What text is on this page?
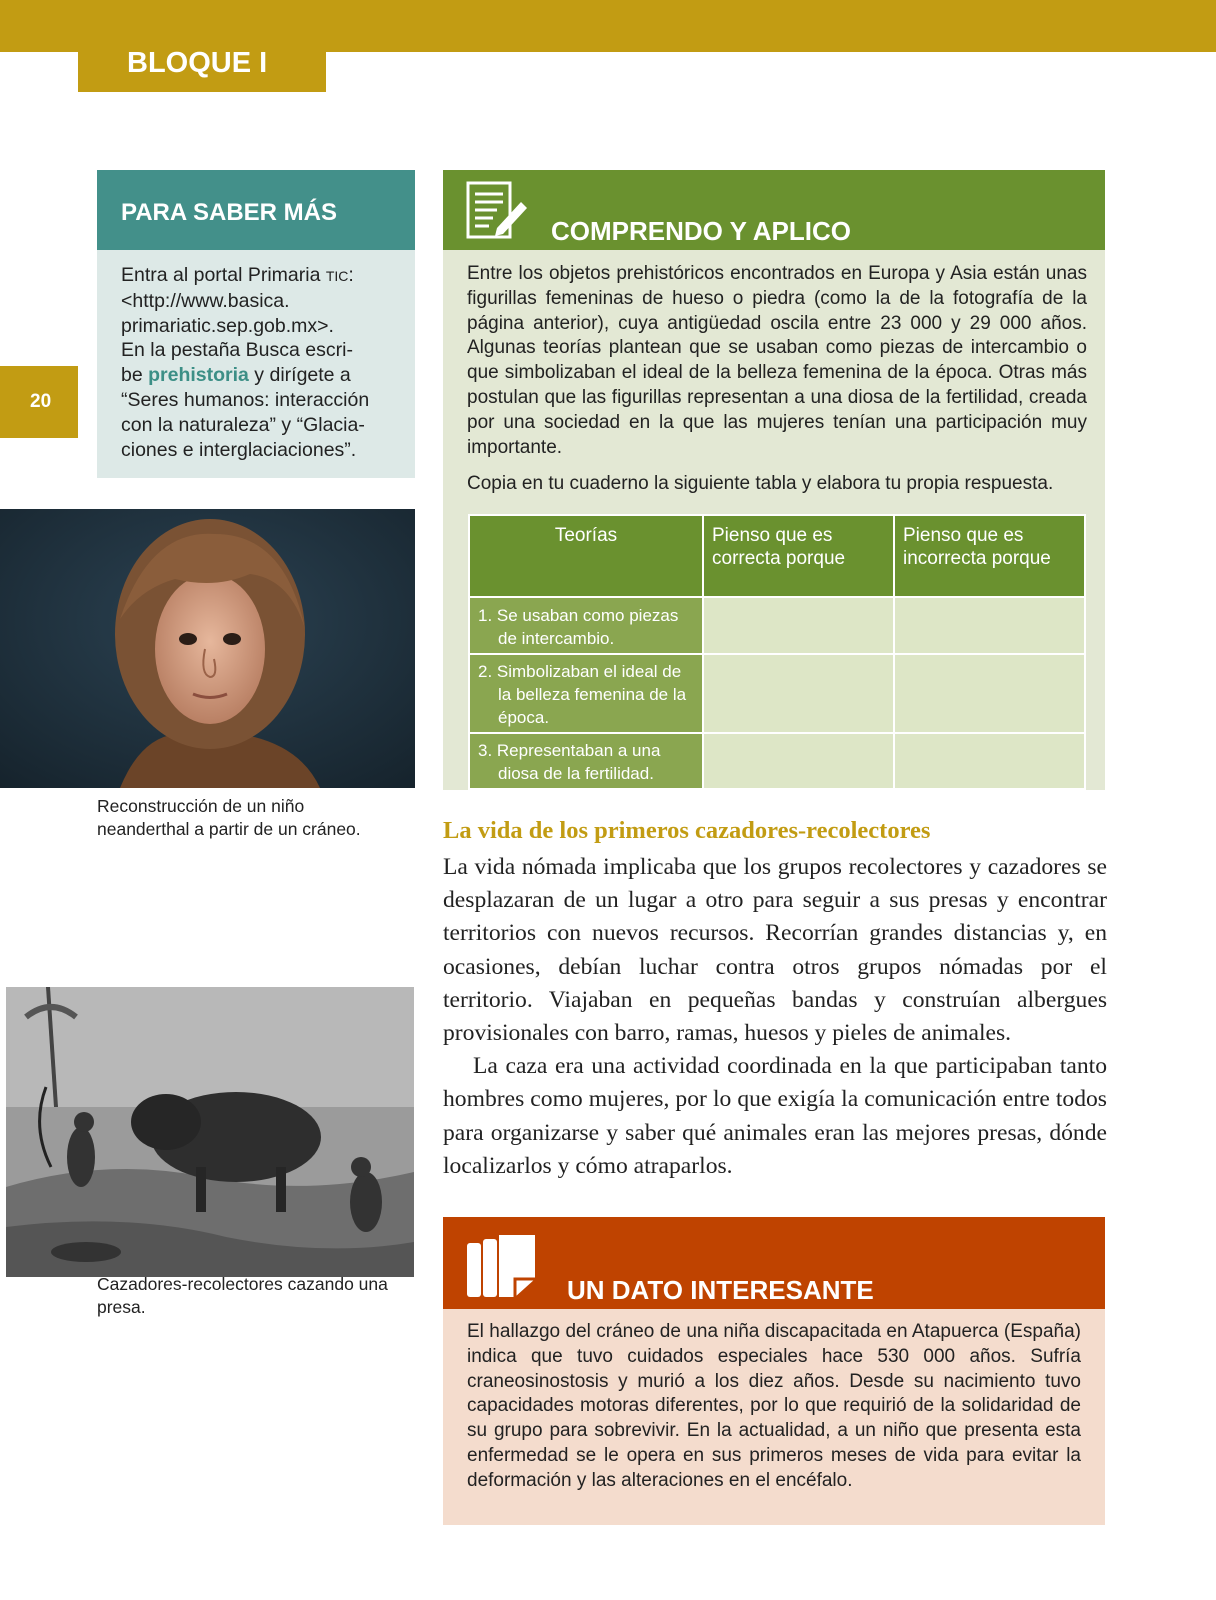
BLOQUE I
20
PARA SABER MÁS
Entra al portal Primaria TIC:
<http://www.basica.
primariatic.sep.gob.mx>.
En la pestaña Busca escri-
be prehistoria y dirígete a
“Seres humanos: interacción
con la naturaleza” y “Glacia-
ciones e interglaciaciones”.
Reconstrucción de un niño
neanderthal a partir de un cráneo.
Cazadores-recolectores cazando una
presa.
COMPRENDO Y APLICO
Entre los objetos prehistóricos encontrados en Europa y Asia están unas figurillas femeninas de hueso o piedra (como la de la fotografía de la página anterior), cuya antigüedad oscila entre 23 000 y 29 000 años. Algunas teorías plantean que se usaban como piezas de intercambio o que simbolizaban el ideal de la belleza femenina de la época. Otras más postulan que las figurillas representan a una diosa de la fertilidad, creada por una sociedad en la que las mujeres tenían una participación muy importante.
Copia en tu cuaderno la siguiente tabla y elabora tu propia respuesta.
Teorías	Pienso que es correcta porque	Pienso que es incorrecta porque
1. Se usaban como piezas de intercambio.		
2. Simbolizaban el ideal de la belleza femenina de la época.		
3. Representaban a una diosa de la fertilidad.		
La vida de los primeros cazadores-recolectores

La vida nómada implicaba que los grupos recolectores y cazadores se desplazaran de un lugar a otro para seguir a sus presas y encontrar territorios con nuevos recursos. Recorrían grandes distancias y, en ocasiones, debían luchar contra otros grupos nómadas por el territorio. Viajaban en pequeñas bandas y construían albergues provisionales con barro, ramas, huesos y pieles de animales.

La caza era una actividad coordinada en la que participaban tanto hombres como mujeres, por lo que exigía la comunicación entre todos para organizarse y saber qué animales eran las mejores presas, dónde localizarlos y cómo atraparlos.

UN DATO INTERESANTE
El hallazgo del cráneo de una niña discapacitada en Atapuerca (España) indica que tuvo cuidados especiales hace 530 000 años. Sufría craneosinostosis y murió a los diez años. Desde su nacimiento tuvo capacidades motoras diferentes, por lo que requirió de la solidaridad de su grupo para sobrevivir. En la actualidad, a un niño que presenta esta enfermedad se le opera en sus primeros meses de vida para evitar la deformación y las alteraciones en el encéfalo.
